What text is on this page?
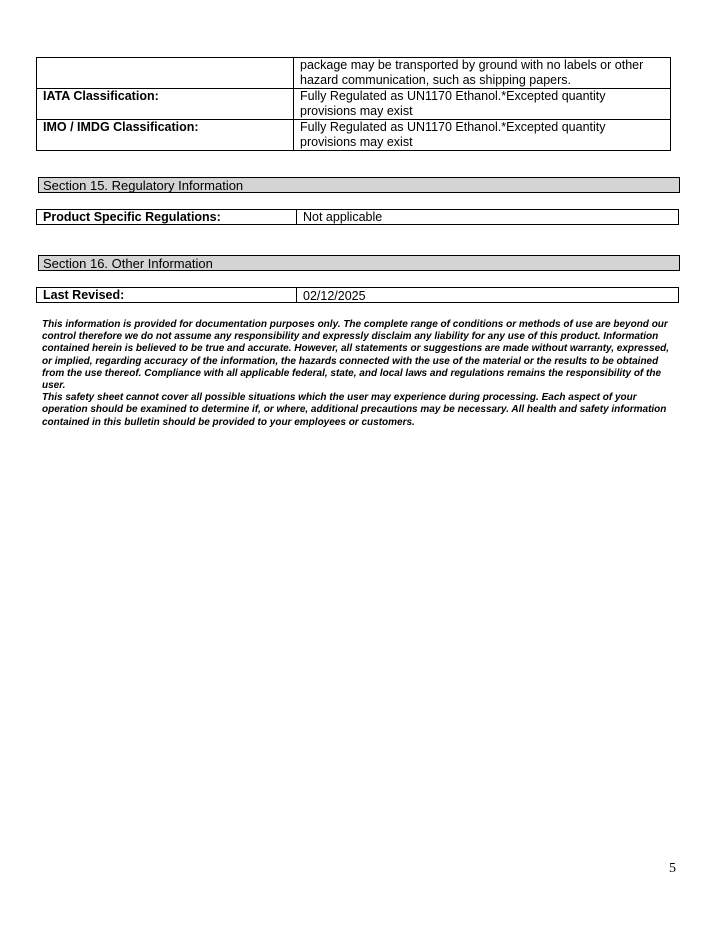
	package may be transported by ground with no labels or other hazard communication, such as shipping papers.
IATA Classification:	Fully Regulated as UN1170 Ethanol.*Excepted quantity provisions may exist
IMO / IMDG Classification:	Fully Regulated as UN1170 Ethanol.*Excepted quantity provisions may exist
Section 15. Regulatory Information
Product Specific Regulations:	Not applicable
Section 16. Other Information
Last Revised:	02/12/2025

This information is provided for documentation purposes only. The complete range of conditions or methods of use are beyond our control therefore we do not assume any responsibility and expressly disclaim any liability for any use of this product. Information contained herein is believed to be true and accurate. However, all statements or suggestions are made without warranty, expressed, or implied, regarding accuracy of the information, the hazards connected with the use of the material or the results to be obtained from the use thereof. Compliance with all applicable federal, state, and local laws and regulations remains the responsibility of the user.
This safety sheet cannot cover all possible situations which the user may experience during processing. Each aspect of your operation should be examined to determine if, or where, additional precautions may be necessary. All health and safety information contained in this bulletin should be provided to your employees or customers.

5
